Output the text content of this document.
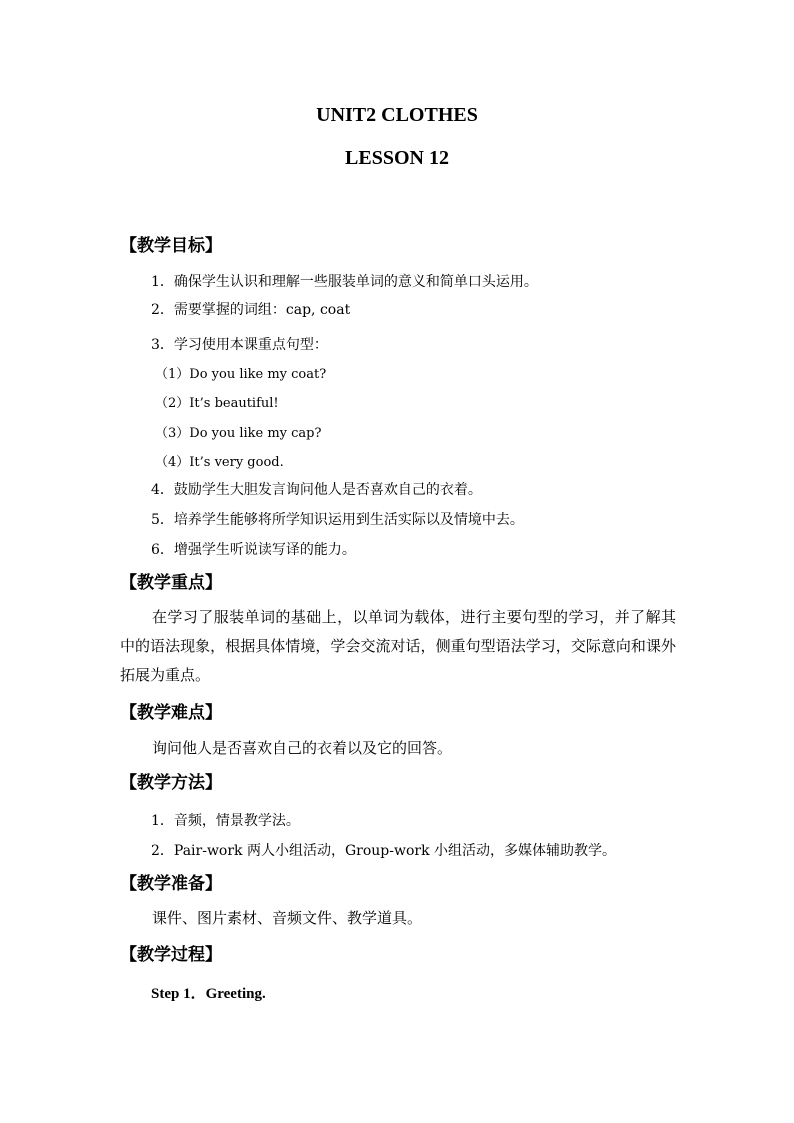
UNIT2 CLOTHES
LESSON 12
【教学目标】
1．确保学生认识和理解一些服装单词的意义和简单口头运用。
2．需要掌握的词组：cap, coat
3．学习使用本课重点句型：
（1）Do you like my coat?
（2）It’s beautiful!
（3）Do you like my cap?
（4）It’s very good.
4．鼓励学生大胆发言询问他人是否喜欢自己的衣着。
5．培养学生能够将所学知识运用到生活实际以及情境中去。
6．增强学生听说读写译的能力。
【教学重点】
在学习了服装单词的基础上，以单词为载体，进行主要句型的学习，并了解其中的语法现象，根据具体情境，学会交流对话，侧重句型语法学习，交际意向和课外拓展为重点。
【教学难点】
询问他人是否喜欢自己的衣着以及它的回答。
【教学方法】
1．音频，情景教学法。
2．Pair-work 两人小组活动，Group-work 小组活动，多媒体辅助教学。
【教学准备】
课件、图片素材、音频文件、教学道具。
【教学过程】
Step 1．Greeting.
